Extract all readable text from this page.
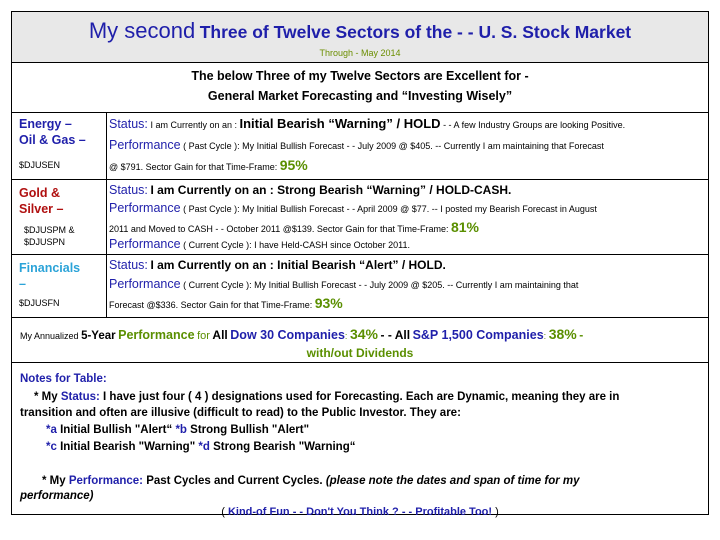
My second Three of Twelve Sectors of the - - U. S. Stock Market
Through - May 2014
The below Three of my Twelve Sectors are Excellent for -
General Market Forecasting and “Investing Wisely”
Energy –
Oil & Gas –
$DJUSEN
Status: I am Currently on an : Initial Bearish “Warning” / HOLD - - A few Industry Groups are looking Positive.
Performance ( Past Cycle ): My Initial Bullish Forecast - - July 2009 @ $405. -- Currently I am maintaining that Forecast
@ $791. Sector Gain for that Time-Frame: 95%
Gold &
Silver –
$DJUSPM &
$DJUSPN
Status: I am Currently on an : Strong Bearish “Warning” / HOLD-CASH.
Performance ( Past Cycle ): My Initial Bullish Forecast - - April 2009 @ $77. -- I posted my Bearish Forecast in August
2011 and Moved to CASH - - October 2011 @$139. Sector Gain for that Time-Frame: 81%
Performance ( Current Cycle ): I have Held-CASH since October 2011.
Financials
–
$DJUSFN
Status: I am Currently on an : Initial Bearish “Alert” / HOLD.
Performance ( Current Cycle ): My Initial Bullish Forecast - - July 2009 @ $205. -- Currently I am maintaining that
Forecast @$336. Sector Gain for that Time-Frame: 93%
My Annualized 5-Year Performance for All Dow 30 Companies: 34% - - All S&P 1,500 Companies: 38% -
with/out Dividends
Notes for Table:
* My Status: I have just four ( 4 ) designations used for Forecasting. Each are Dynamic, meaning they are in
transition and often are illusive (difficult to read) to the Public Investor. They are:
*a Initial Bullish "Alert“ *b Strong Bullish "Alert"
*c Initial Bearish "Warning" *d Strong Bearish "Warning“
* My Performance: Past Cycles and Current Cycles. (please note the dates and span of time for my
performance)
( Kind-of Fun - - Don't You Think ? - - Profitable Too! )
